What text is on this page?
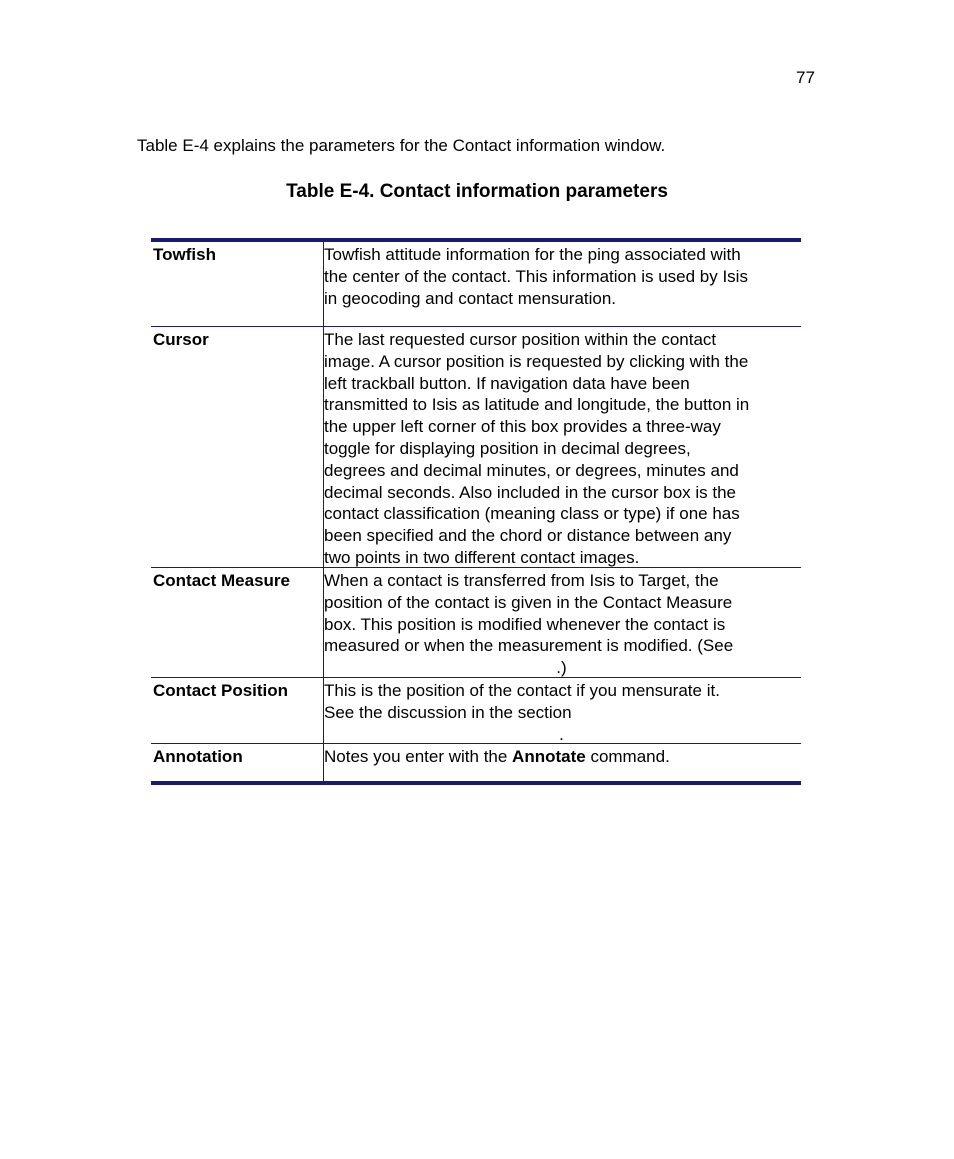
77
Table E-4 explains the parameters for the Contact information window.
Table E-4. Contact information parameters
Towfish	Towfish attitude information for the ping associated with
the center of the contact. This information is used by Isis
in geocoding and contact mensuration.
Cursor	The last requested cursor position within the contact
image. A cursor position is requested by clicking with the
left trackball button. If navigation data have been
transmitted to Isis as latitude and longitude, the button in
the upper left corner of this box provides a three-way
toggle for displaying position in decimal degrees,
degrees and decimal minutes, or degrees, minutes and
decimal seconds. Also included in the cursor box is the
contact classification (meaning class or type) if one has
been specified and the chord or distance between any
two points in two different contact images.
Contact Measure	When a contact is transferred from Isis to Target, the
position of the contact is given in the Contact Measure
box. This position is modified whenever the contact is
measured or when the measurement is modified. (See
.)
Contact Position	This is the position of the contact if you mensurate it.
See the discussion in the section
.
Annotation	Notes you enter with the Annotate command.
